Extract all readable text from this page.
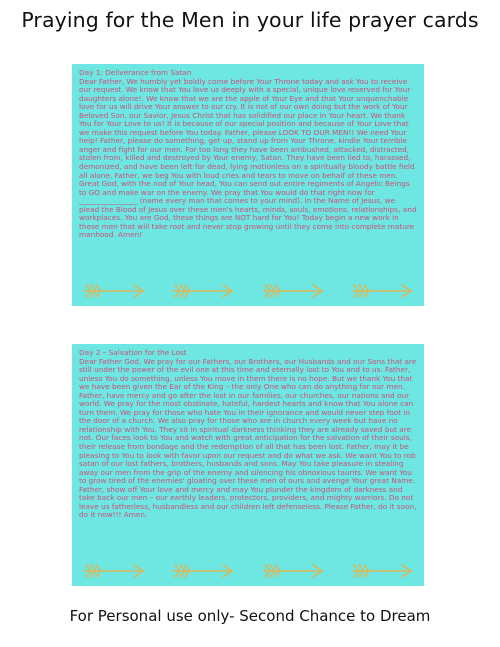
Praying for the Men in your life prayer cards
Day 1: Deliverance from Satan
Dear Father, We humbly yet boldly come before Your Throne today and ask You to receive our request. We know that You love us deeply with a special, unique love reserved for Your daughters alone!. We know that we are the apple of Your Eye and that Your unquenchable love for us will drive Your answer to our cry. It is not of our own doing but the work of Your Beloved Son, our Savior, Jesus Christ that has solidified our place in Your heart. We thank You for Your Love to us! It is because of our special position and because of Your Love that we make this request before You today. Father, please LOOK TO OUR MEN!! We need Your help! Father, please do something, get up, stand up from Your Throne, kindle Your terrible anger and fight for our men. For too long they have been ambushed, attacked, distracted, stolen from, killed and destroyed by Your enemy, Satan. They have been lied to, harassed, demonized, and have been left for dead, lying motionless on a spiritually bloody battle field all alone. Father, we beg You with loud cries and tears to move on behalf of these men. Great God, with the nod of Your head, You can send out entire regiments of Angelic Beings to GO and make war on the enemy. We pray that You would do that right now for ________________ (name every man that comes to your mind). In the Name of Jesus, we plead the Blood of Jesus over these men's hearts, minds, souls, emotions, relationships, and workplaces. You are God, these things are NOT hard for You! Today begin a new work in these men that will take root and never stop growing until they come into complete mature manhood. Amen!
Day 2 – Salvation for the Lost
Dear Father God, We pray for our Fathers, our Brothers, our Husbands and our Sons that are still under the power of the evil one at this time and eternally lost to You and to us. Father, unless You do something, unless You move in them there is no hope. But we thank You that we have been given the Ear of the King – the only One who can do anything for our men. Father, have mercy and go after the lost in our families, our churches, our nations and our world. We pray for the most obstinate, hateful, hardest hearts and know that You alone can turn them. We pray for those who hate You in their ignorance and would never step foot in the door of a church. We also pray for those who are in church every week but have no relationship with You. They sit in spiritual darkness thinking they are already saved but are not. Our faces look to You and watch with great anticipation for the salvation of their souls, their release from bondage and the redemption of all that has been lost. Father, may it be pleasing to You to look with favor upon our request and do what we ask. We want You to rob satan of our lost fathers, brothers, husbands and sons. May You take pleasure in stealing away our men from the grip of the enemy and silencing his obnoxious taunts. We want You to grow tired of the enemies' gloating over these men of ours and avenge Your great Name. Father, show off Your love and mercy and may You plunder the kingdom of darkness and take back our men – our earthly leaders, protectors, providers, and mighty warriors. Do not leave us fatherless, husbandless and our children left defenseless. Please Father, do it soon, do it now!!! Amen.
For Personal use only- Second Chance to Dream
